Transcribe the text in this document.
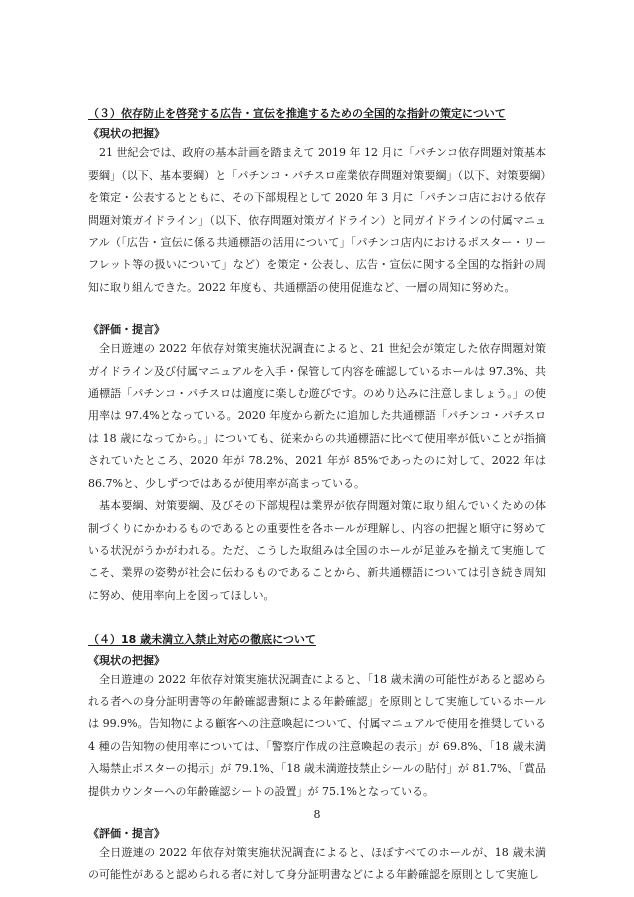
（３）依存防止を啓発する広告・宣伝を推進するための全国的な指針の策定について

《現状の把握》

21 世紀会では、政府の基本計画を踏まえて 2019 年 12 月に「パチンコ依存問題対策基本要綱」（以下、基本要綱）と「パチンコ・パチスロ産業依存問題対策要綱」（以下、対策要綱）を策定・公表するとともに、その下部規程として 2020 年 3 月に「パチンコ店における依存問題対策ガイドライン」（以下、依存問題対策ガイドライン）と同ガイドラインの付属マニュアル（「広告・宣伝に係る共通標語の活用について」「パチンコ店内におけるポスター・リーフレット等の扱いについて」など）を策定・公表し、広告・宣伝に関する全国的な指針の周知に取り組んできた。2022 年度も、共通標語の使用促進など、一層の周知に努めた。

《評価・提言》

全日遊連の 2022 年依存対策実施状況調査によると、21 世紀会が策定した依存問題対策ガイドライン及び付属マニュアルを入手・保管して内容を確認しているホールは 97.3%、共通標語「パチンコ・パチスロは適度に楽しむ遊びです。のめり込みに注意しましょう。」の使用率は 97.4%となっている。2020 年度から新たに追加した共通標語「パチンコ・パチスロは 18 歳になってから。」についても、従来からの共通標語に比べて使用率が低いことが指摘されていたところ、2020 年が 78.2%、2021 年が 85%であったのに対して、2022 年は 86.7%と、少しずつではあるが使用率が高まっている。

基本要綱、対策要綱、及びその下部規程は業界が依存問題対策に取り組んでいくための体制づくりにかかわるものであるとの重要性を各ホールが理解し、内容の把握と順守に努めている状況がうかがわれる。ただ、こうした取組みは全国のホールが足並みを揃えて実施してこそ、業界の姿勢が社会に伝わるものであることから、新共通標語については引き続き周知に努め、使用率向上を図ってほしい。

（４）18 歳未満立入禁止対応の徹底について

《現状の把握》

全日遊連の 2022 年依存対策実施状況調査によると、「18 歳未満の可能性があると認められる者への身分証明書等の年齢確認書類による年齢確認」を原則として実施しているホールは 99.9%。告知物による顧客への注意喚起について、付属マニュアルで使用を推奨している 4 種の告知物の使用率については、「警察庁作成の注意喚起の表示」が 69.8%、「18 歳未満入場禁止ポスターの掲示」が 79.1%、「18 歳未満遊技禁止シールの貼付」が 81.7%、「賞品提供カウンターへの年齢確認シートの設置」が 75.1%となっている。

《評価・提言》

全日遊連の 2022 年依存対策実施状況調査によると、ほぼすべてのホールが、18 歳未満の可能性があると認められる者に対して身分証明書などによる年齢確認を原則として実施し

8
